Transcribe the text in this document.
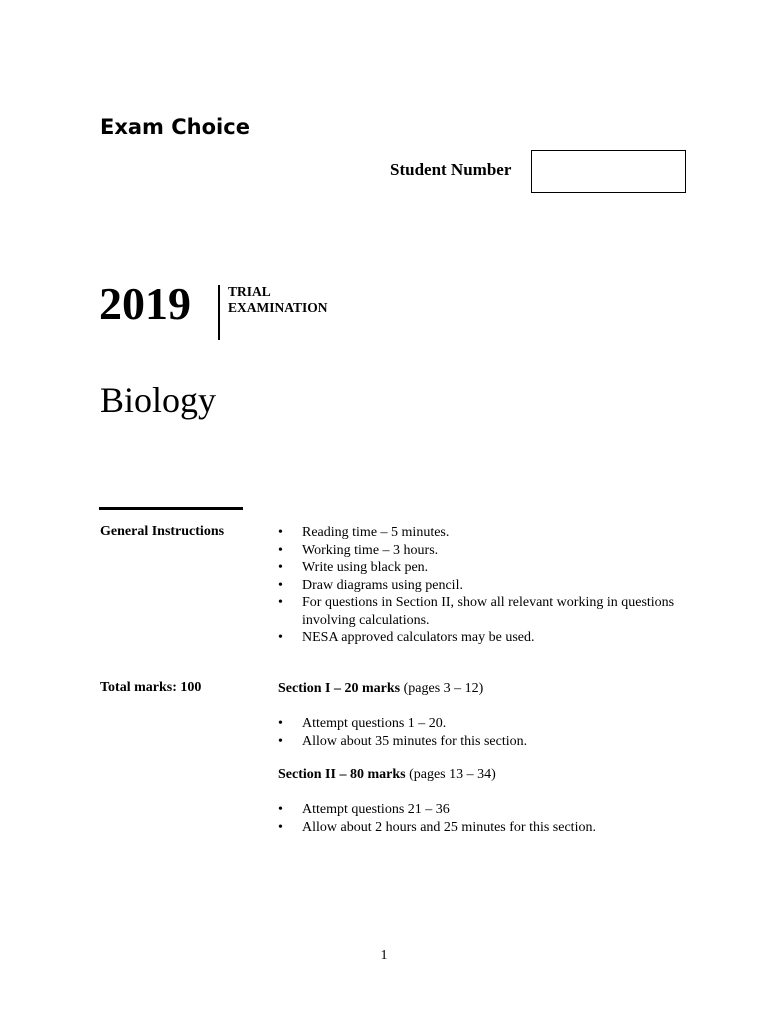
Exam Choice
Student Number
2019	TRIAL
EXAMINATION
Biology
General Instructions
•	Reading time – 5 minutes.
• Working time – 3 hours.
• Write using black pen.
• Draw diagrams using pencil.
• For questions in Section II, show all relevant working in questions involving calculations.
• NESA approved calculators may be used.
Total marks: 100	Section I – 20 marks (pages 3 – 12)
• Attempt questions 1 – 20.
• Allow about 35 minutes for this section.
Section II – 80 marks (pages 13 – 34)
• Attempt questions 21 – 36
• Allow about 2 hours and 25 minutes for this section.
1
